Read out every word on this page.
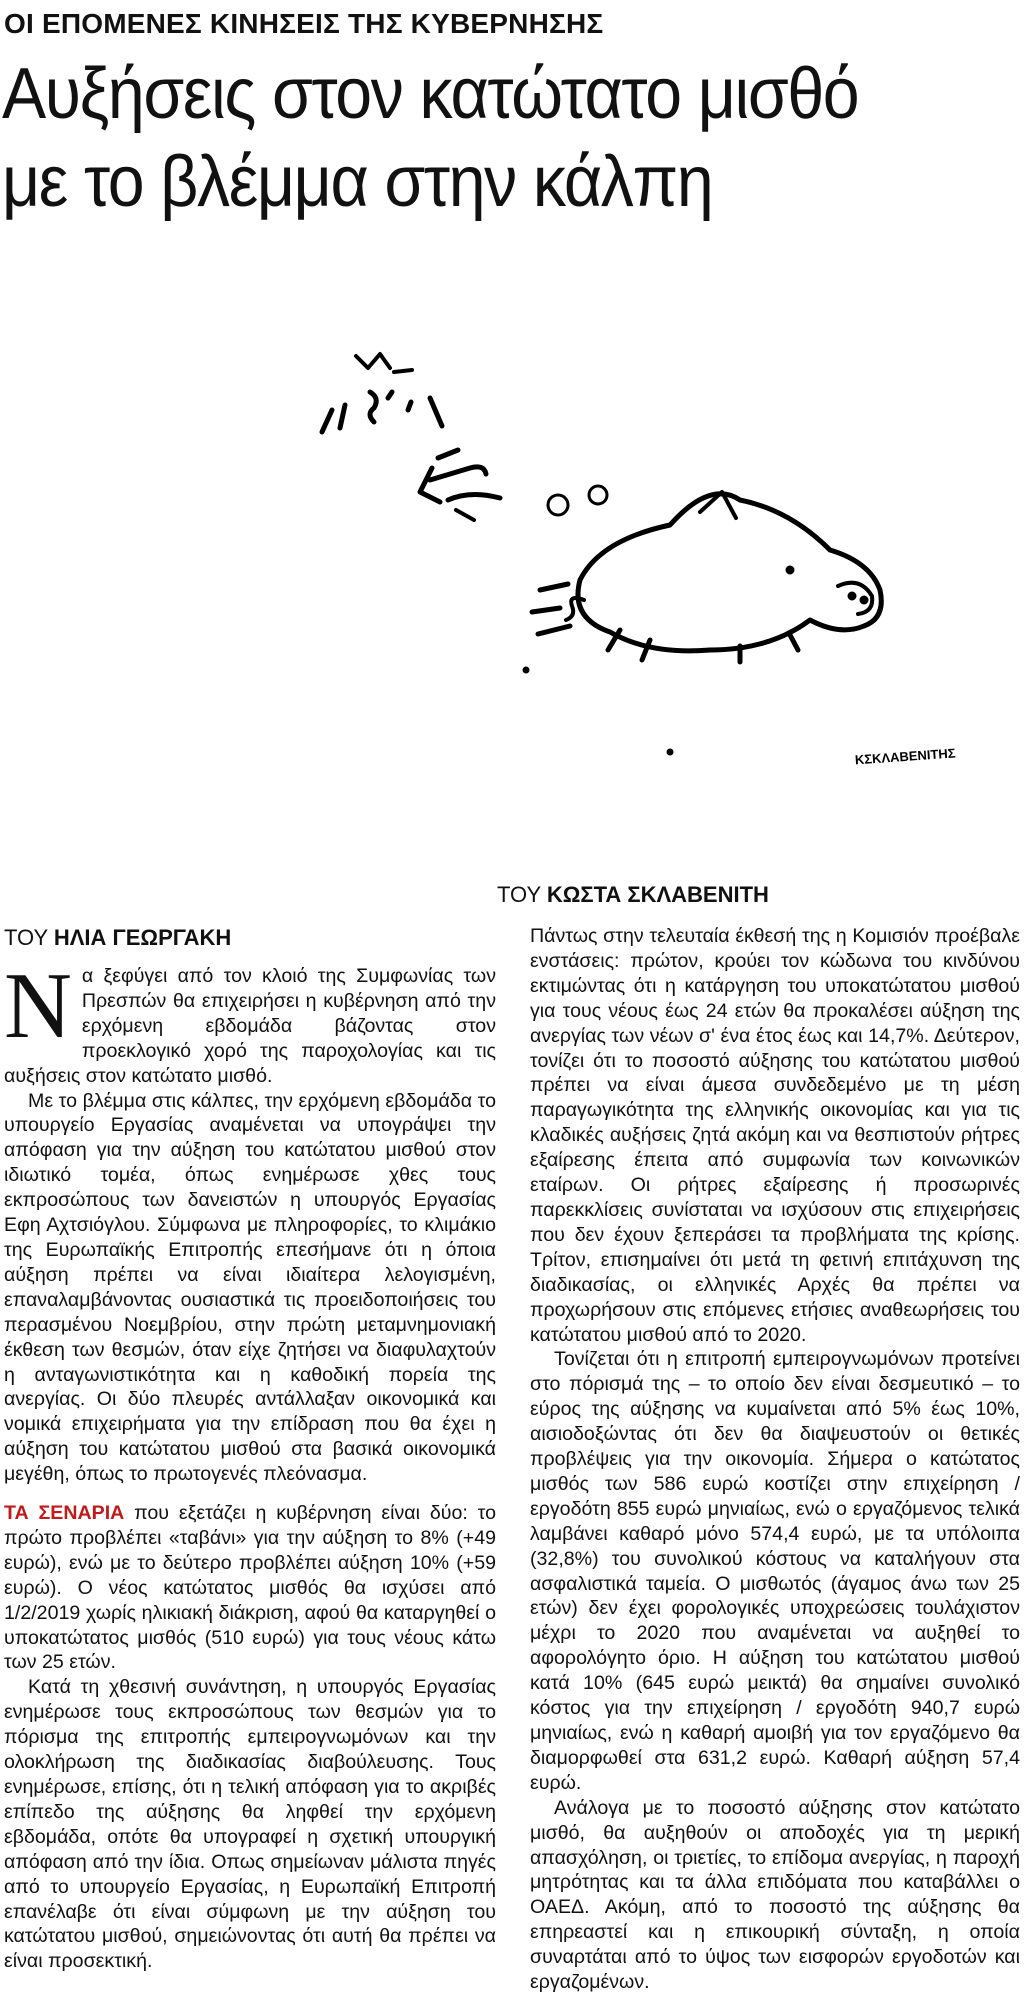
ΟΙ ΕΠΟΜΕΝΕΣ ΚΙΝΗΣΕΙΣ ΤΗΣ ΚΥΒΕΡΝΗΣΗΣ
Αυξήσεις στον κατώτατο μισθό
με το βλέμμα στην κάλπη
ΚΣΚΛΑΒΕΝΙΤΗΣ
ΤΟΥ ΚΩΣΤΑ ΣΚΛΑΒΕΝΙΤΗ
ΤΟΥ ΗΛΙΑ ΓΕΩΡΓΑΚΗ

Να ξεφύγει από τον κλοιό της Συμφωνίας των Πρεσπών θα επιχειρήσει η κυβέρνηση από την ερχόμενη εβδομάδα βάζοντας στον προεκλογικό χορό της παροχολογίας και τις αυξήσεις στον κατώτατο μισθό.

Με το βλέμμα στις κάλπες, την ερχόμενη εβδομάδα το υπουργείο Εργασίας αναμένεται να υπογράψει την απόφαση για την αύξηση του κατώτατου μισθού στον ιδιωτικό τομέα, όπως ενημέρωσε χθες τους εκπροσώπους των δανειστών η υπουργός Εργασίας Εφη Αχτσιόγλου. Σύμφωνα με πληροφορίες, το κλιμάκιο της Ευρωπαϊκής Επιτροπής επεσήμανε ότι η όποια αύξηση πρέπει να είναι ιδιαίτερα λελογισμένη, επαναλαμβάνοντας ουσιαστικά τις προειδοποιήσεις του περασμένου Νοεμβρίου, στην πρώτη μεταμνημονιακή έκθεση των θεσμών, όταν είχε ζητήσει να διαφυλαχτούν η ανταγωνιστικότητα και η καθοδική πορεία της ανεργίας. Οι δύο πλευρές αντάλλαξαν οικονομικά και νομικά επιχειρήματα για την επίδραση που θα έχει η αύξηση του κατώτατου μισθού στα βασικά οικονομικά μεγέθη, όπως το πρωτογενές πλεόνασμα.

ΤΑ ΣΕΝΑΡΙΑ που εξετάζει η κυβέρνηση είναι δύο: το πρώτο προβλέπει «ταβάνι» για την αύξηση το 8% (+49 ευρώ), ενώ με το δεύτερο προβλέπει αύξηση 10% (+59 ευρώ). Ο νέος κατώτατος μισθός θα ισχύσει από 1/2/2019 χωρίς ηλικιακή διάκριση, αφού θα καταργηθεί ο υποκατώτατος μισθός (510 ευρώ) για τους νέους κάτω των 25 ετών.

Κατά τη χθεσινή συνάντηση, η υπουργός Εργασίας ενημέρωσε τους εκπροσώπους των θεσμών για το πόρισμα της επιτροπής εμπειρογνωμόνων και την ολοκλήρωση της διαδικασίας διαβούλευσης. Τους ενημέρωσε, επίσης, ότι η τελική απόφαση για το ακριβές επίπεδο της αύξησης θα ληφθεί την ερχόμενη εβδομάδα, οπότε θα υπογραφεί η σχετική υπουργική απόφαση από την ίδια. Οπως σημείωναν μάλιστα πηγές από το υπουργείο Εργασίας, η Ευρωπαϊκή Επιτροπή επανέλαβε ότι είναι σύμφωνη με την αύξηση του κατώτατου μισθού, σημειώνοντας ότι αυτή θα πρέπει να είναι προσεκτική.

Πάντως στην τελευταία έκθεσή της η Κομισιόν προέβαλε ενστάσεις: πρώτον, κρούει τον κώδωνα του κινδύνου εκτιμώντας ότι η κατάργηση του υποκατώτατου μισθού για τους νέους έως 24 ετών θα προκαλέσει αύξηση της ανεργίας των νέων σ' ένα έτος έως και 14,7%. Δεύτερον, τονίζει ότι το ποσοστό αύξησης του κατώτατου μισθού πρέπει να είναι άμεσα συνδεδεμένο με τη μέση παραγωγικότητα της ελληνικής οικονομίας και για τις κλαδικές αυξήσεις ζητά ακόμη και να θεσπιστούν ρήτρες εξαίρεσης έπειτα από συμφωνία των κοινωνικών εταίρων. Οι ρήτρες εξαίρεσης ή προσωρινές παρεκκλίσεις συνίσταται να ισχύσουν στις επιχειρήσεις που δεν έχουν ξεπεράσει τα προβλήματα της κρίσης. Τρίτον, επισημαίνει ότι μετά τη φετινή επιτάχυνση της διαδικασίας, οι ελληνικές Αρχές θα πρέπει να προχωρήσουν στις επόμενες ετήσιες αναθεωρήσεις του κατώτατου μισθού από το 2020.

Τονίζεται ότι η επιτροπή εμπειρογνωμόνων προτείνει στο πόρισμά της – το οποίο δεν είναι δεσμευτικό – το εύρος της αύξησης να κυμαίνεται από 5% έως 10%, αισιοδοξώντας ότι δεν θα διαψευστούν οι θετικές προβλέψεις για την οικονομία. Σήμερα ο κατώτατος μισθός των 586 ευρώ κοστίζει στην επιχείρηση / εργοδότη 855 ευρώ μηνιαίως, ενώ ο εργαζόμενος τελικά λαμβάνει καθαρό μόνο 574,4 ευρώ, με τα υπόλοιπα (32,8%) του συνολικού κόστους να καταλήγουν στα ασφαλιστικά ταμεία. Ο μισθωτός (άγαμος άνω των 25 ετών) δεν έχει φορολογικές υποχρεώσεις τουλάχιστον μέχρι το 2020 που αναμένεται να αυξηθεί το αφορολόγητο όριο. Η αύξηση του κατώτατου μισθού κατά 10% (645 ευρώ μεικτά) θα σημαίνει συνολικό κόστος για την επιχείρηση / εργοδότη 940,7 ευρώ μηνιαίως, ενώ η καθαρή αμοιβή για τον εργαζόμενο θα διαμορφωθεί στα 631,2 ευρώ. Καθαρή αύξηση 57,4 ευρώ.

Ανάλογα με το ποσοστό αύξησης στον κατώτατο μισθό, θα αυξηθούν οι αποδοχές για τη μερική απασχόληση, οι τριετίες, το επίδομα ανεργίας, η παροχή μητρότητας και τα άλλα επιδόματα που καταβάλλει ο ΟΑΕΔ. Ακόμη, από το ποσοστό της αύξησης θα επηρεαστεί και η επικουρική σύνταξη, η οποία συναρτάται από το ύψος των εισφορών εργοδοτών και εργαζομένων.
